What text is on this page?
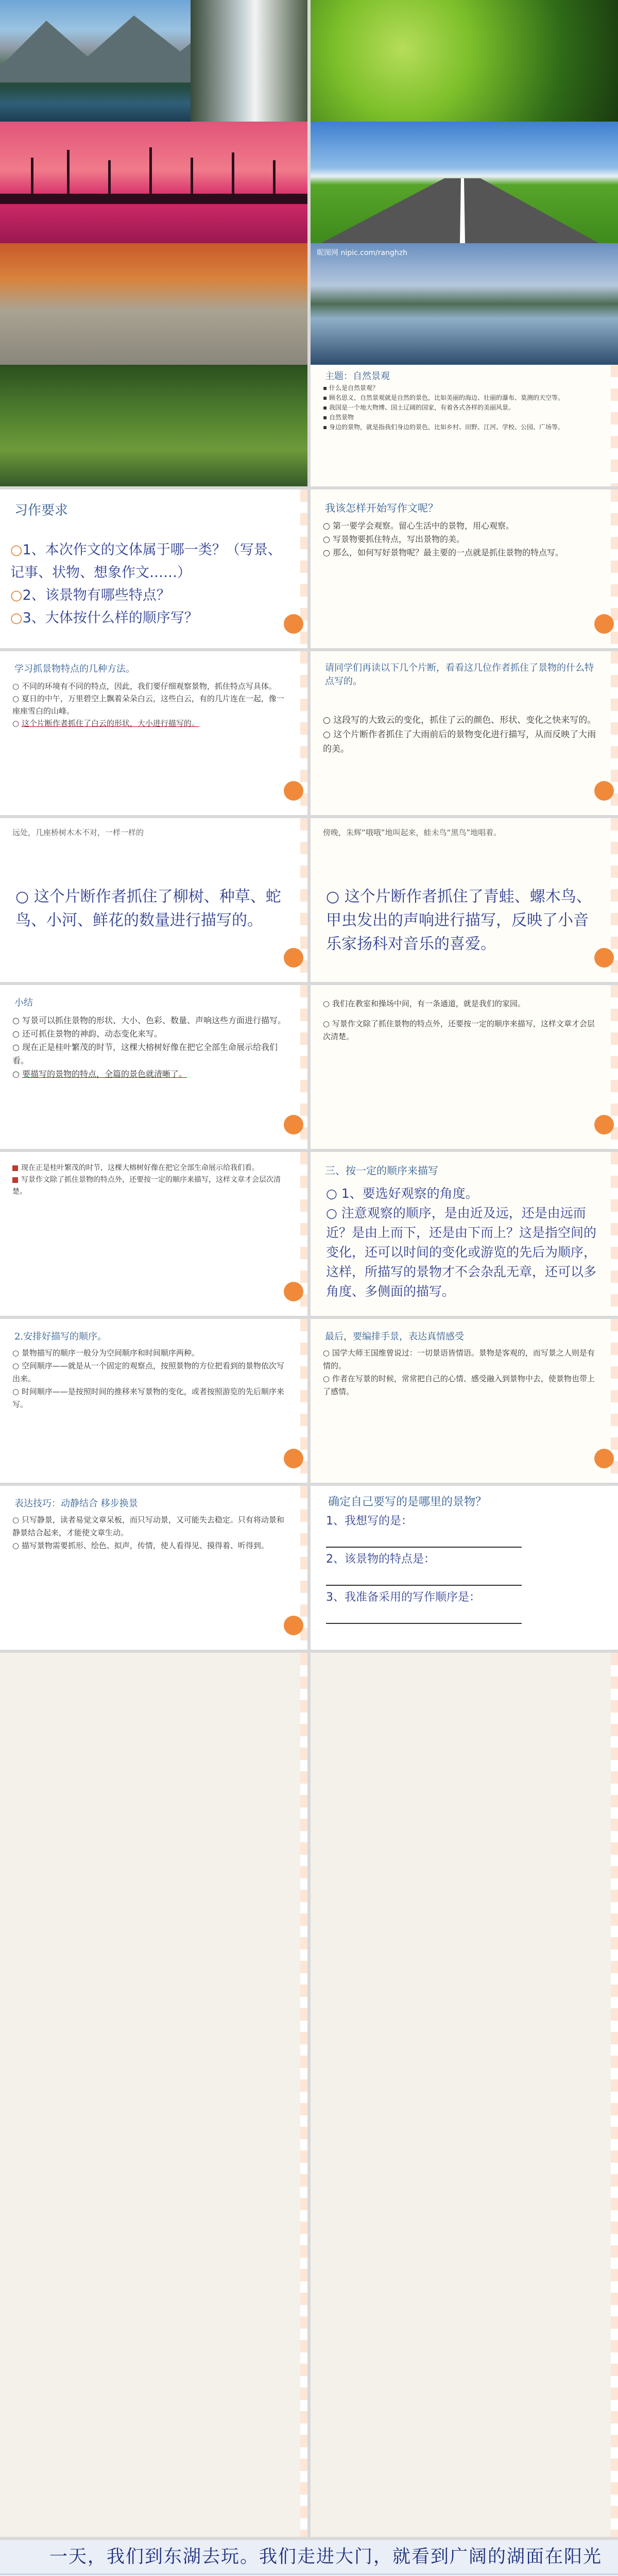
昵图网 nipic.com/ranghzh
主题：自然景观
▪ 什么是自然景观？
▪ 顾名思义，自然景观就是自然的景色，比如美丽的海边、壮丽的瀑布、莫测的天空等。
▪ 我国是一个地大物博、国土辽阔的国家，有着各式各样的美丽风景。
▪ 自然景物
▪ 身边的景物，就是指我们身边的景色，比如乡村、田野、江河、学校、公园、广场等。
习作要求
○1、本次作文的文体属于哪一类？（写景、记事、状物、想象作文……）
○2、该景物有哪些特点？
○3、大体按什么样的顺序写？
我该怎样开始写作文呢？
○ 第一要学会观察。留心生活中的景物，用心观察。
○ 写景物要抓住特点，写出景物的美。
○ 那么，如何写好景物呢？最主要的一点就是抓住景物的特点写。
学习抓景物特点的几种方法。
○ 不同的环境有不同的特点，因此，我们要仔细观察景物，抓住特点写具体。
○ 夏日的中午，万里碧空上飘着朵朵白云，这些白云，有的几片连在一起，像一座座雪白的山峰。
○ 这个片断作者抓住了白云的形状，大小进行描写的。
请同学们再读以下几个片断，看看这几位作者抓住了景物的什么特点写的。
○ 这段写的大致云的变化，抓住了云的颜色、形状、变化之快来写的。
○ 这个片断作者抓住了大雨前后的景物变化进行描写，从而反映了大雨的美。
远处，几座桥树木木不对，一样一样的
○ 这个片断作者抓住了柳树、种草、蛇鸟、小河、鲜花的数量进行描写的。
傍晚，朱辉“哦哦”地叫起来，蛙未鸟“黑鸟”地唱着。
○ 这个片断作者抓住了青蛙、螺木鸟、甲虫发出的声响进行描写，反映了小音乐家扬科对音乐的喜爱。
小结
○ 写景可以抓住景物的形状、大小、色彩、数量、声响这些方面进行描写。
○ 还可抓住景物的神韵、动态变化来写。
○ 现在正是桂叶繁茂的时节，这棵大榕树好像在把它全部生命展示给我们看。
○ 要描写的景物的特点，全篇的景色就清晰了。
○ 我们在教室和操场中间，有一条通道，就是我们的家园。
○ 写景作文除了抓住景物的特点外，还要按一定的顺序来描写，这样文章才会层次清楚。
现在正是桂叶繁茂的时节，这棵大榕树好像在把它全部生命展示给我们看。
写景作文除了抓住景物的特点外，还要按一定的顺序来描写，这样文章才会层次清楚。
三、按一定的顺序来描写
○ 1、要选好观察的角度。
○ 注意观察的顺序，是由近及远，还是由远而近？是由上而下，还是由下而上？这是指空间的变化，还可以时间的变化或游览的先后为顺序，这样，所描写的景物才不会杂乱无章，还可以多角度、多侧面的描写。
2.安排好描写的顺序。
○ 景物描写的顺序一般分为空间顺序和时间顺序两种。
○ 空间顺序——就是从一个固定的观察点，按照景物的方位把看到的景物依次写出来。
○ 时间顺序——是按照时间的推移来写景物的变化，或者按照游览的先后顺序来写。
最后，要编排手景，表达真情感受
○ 国学大师王国维曾说过：一切景语皆情语。景物是客观的，而写景之人则是有情的。
○ 作者在写景的时候，常常把自己的心情、感受融入到景物中去，使景物也带上了感情。
表达技巧：动静结合 移步换景
○ 只写静景，读者易觉文章呆板，而只写动景，又可能失去稳定。只有将动景和静景结合起来，才能使文章生动。
○ 描写景物需要抓形、绘色、拟声，传情，使人看得见、摸得着、听得到。
确定自己要写的是哪里的景物？
1、我想写的是：
2、该景物的特点是：
3、我准备采用的写作顺序是：
　　一天，我们到东湖去玩。我们走进大门，就看到广阔的湖面在阳光
